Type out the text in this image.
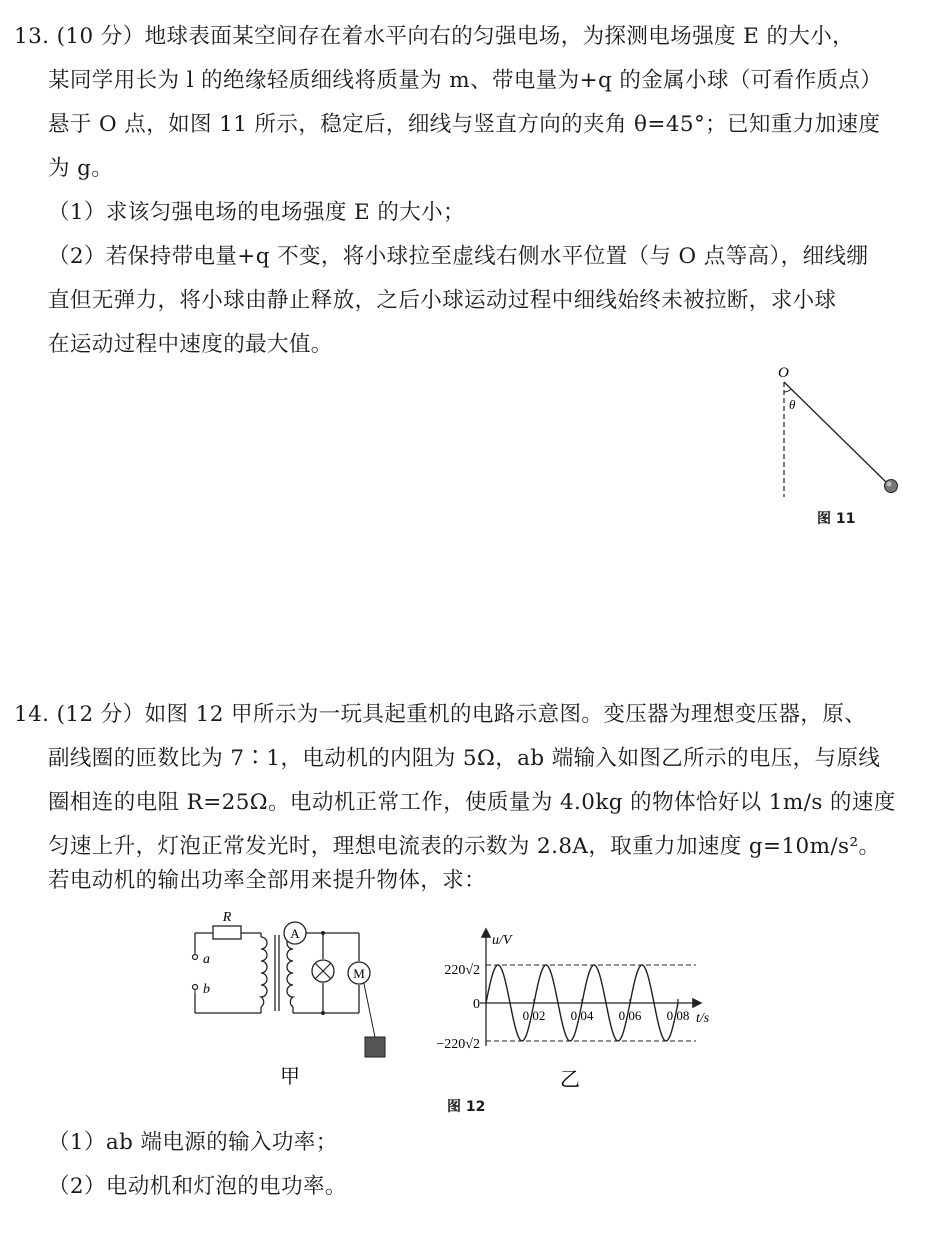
13. (10 分）地球表面某空间存在着水平向右的匀强电场，为探测电场强度 E 的大小，
某同学用长为 l 的绝缘轻质细线将质量为 m、带电量为+q 的金属小球（可看作质点）
悬于 O 点，如图 11 所示，稳定后，细线与竖直方向的夹角 θ=45°；已知重力加速度
为 g。
（1）求该匀强电场的电场强度 E 的大小；
（2）若保持带电量+q 不变，将小球拉至虚线右侧水平位置（与 O 点等高），细线绷
直但无弹力，将小球由静止释放，之后小球运动过程中细线始终未被拉断，求小球
在运动过程中速度的最大值。
O
θ
图 11
14. (12 分）如图 12 甲所示为一玩具起重机的电路示意图。变压器为理想变压器，原、
副线圈的匝数比为 7∶1，电动机的内阻为 5Ω，ab 端输入如图乙所示的电压，与原线
圈相连的电阻 R=25Ω。电动机正常工作，使质量为 4.0kg 的物体恰好以 1m/s 的速度
匀速上升，灯泡正常发光时，理想电流表的示数为 2.8A，取重力加速度 g=10m/s²。
若电动机的输出功率全部用来提升物体，求：
A
M
a
b
R
甲
u/V
t/s
0
220√2
−220√2
0.02 0.04 0.06 0.08
乙
图 12
（1）ab 端电源的输入功率；
（2）电动机和灯泡的电功率。
